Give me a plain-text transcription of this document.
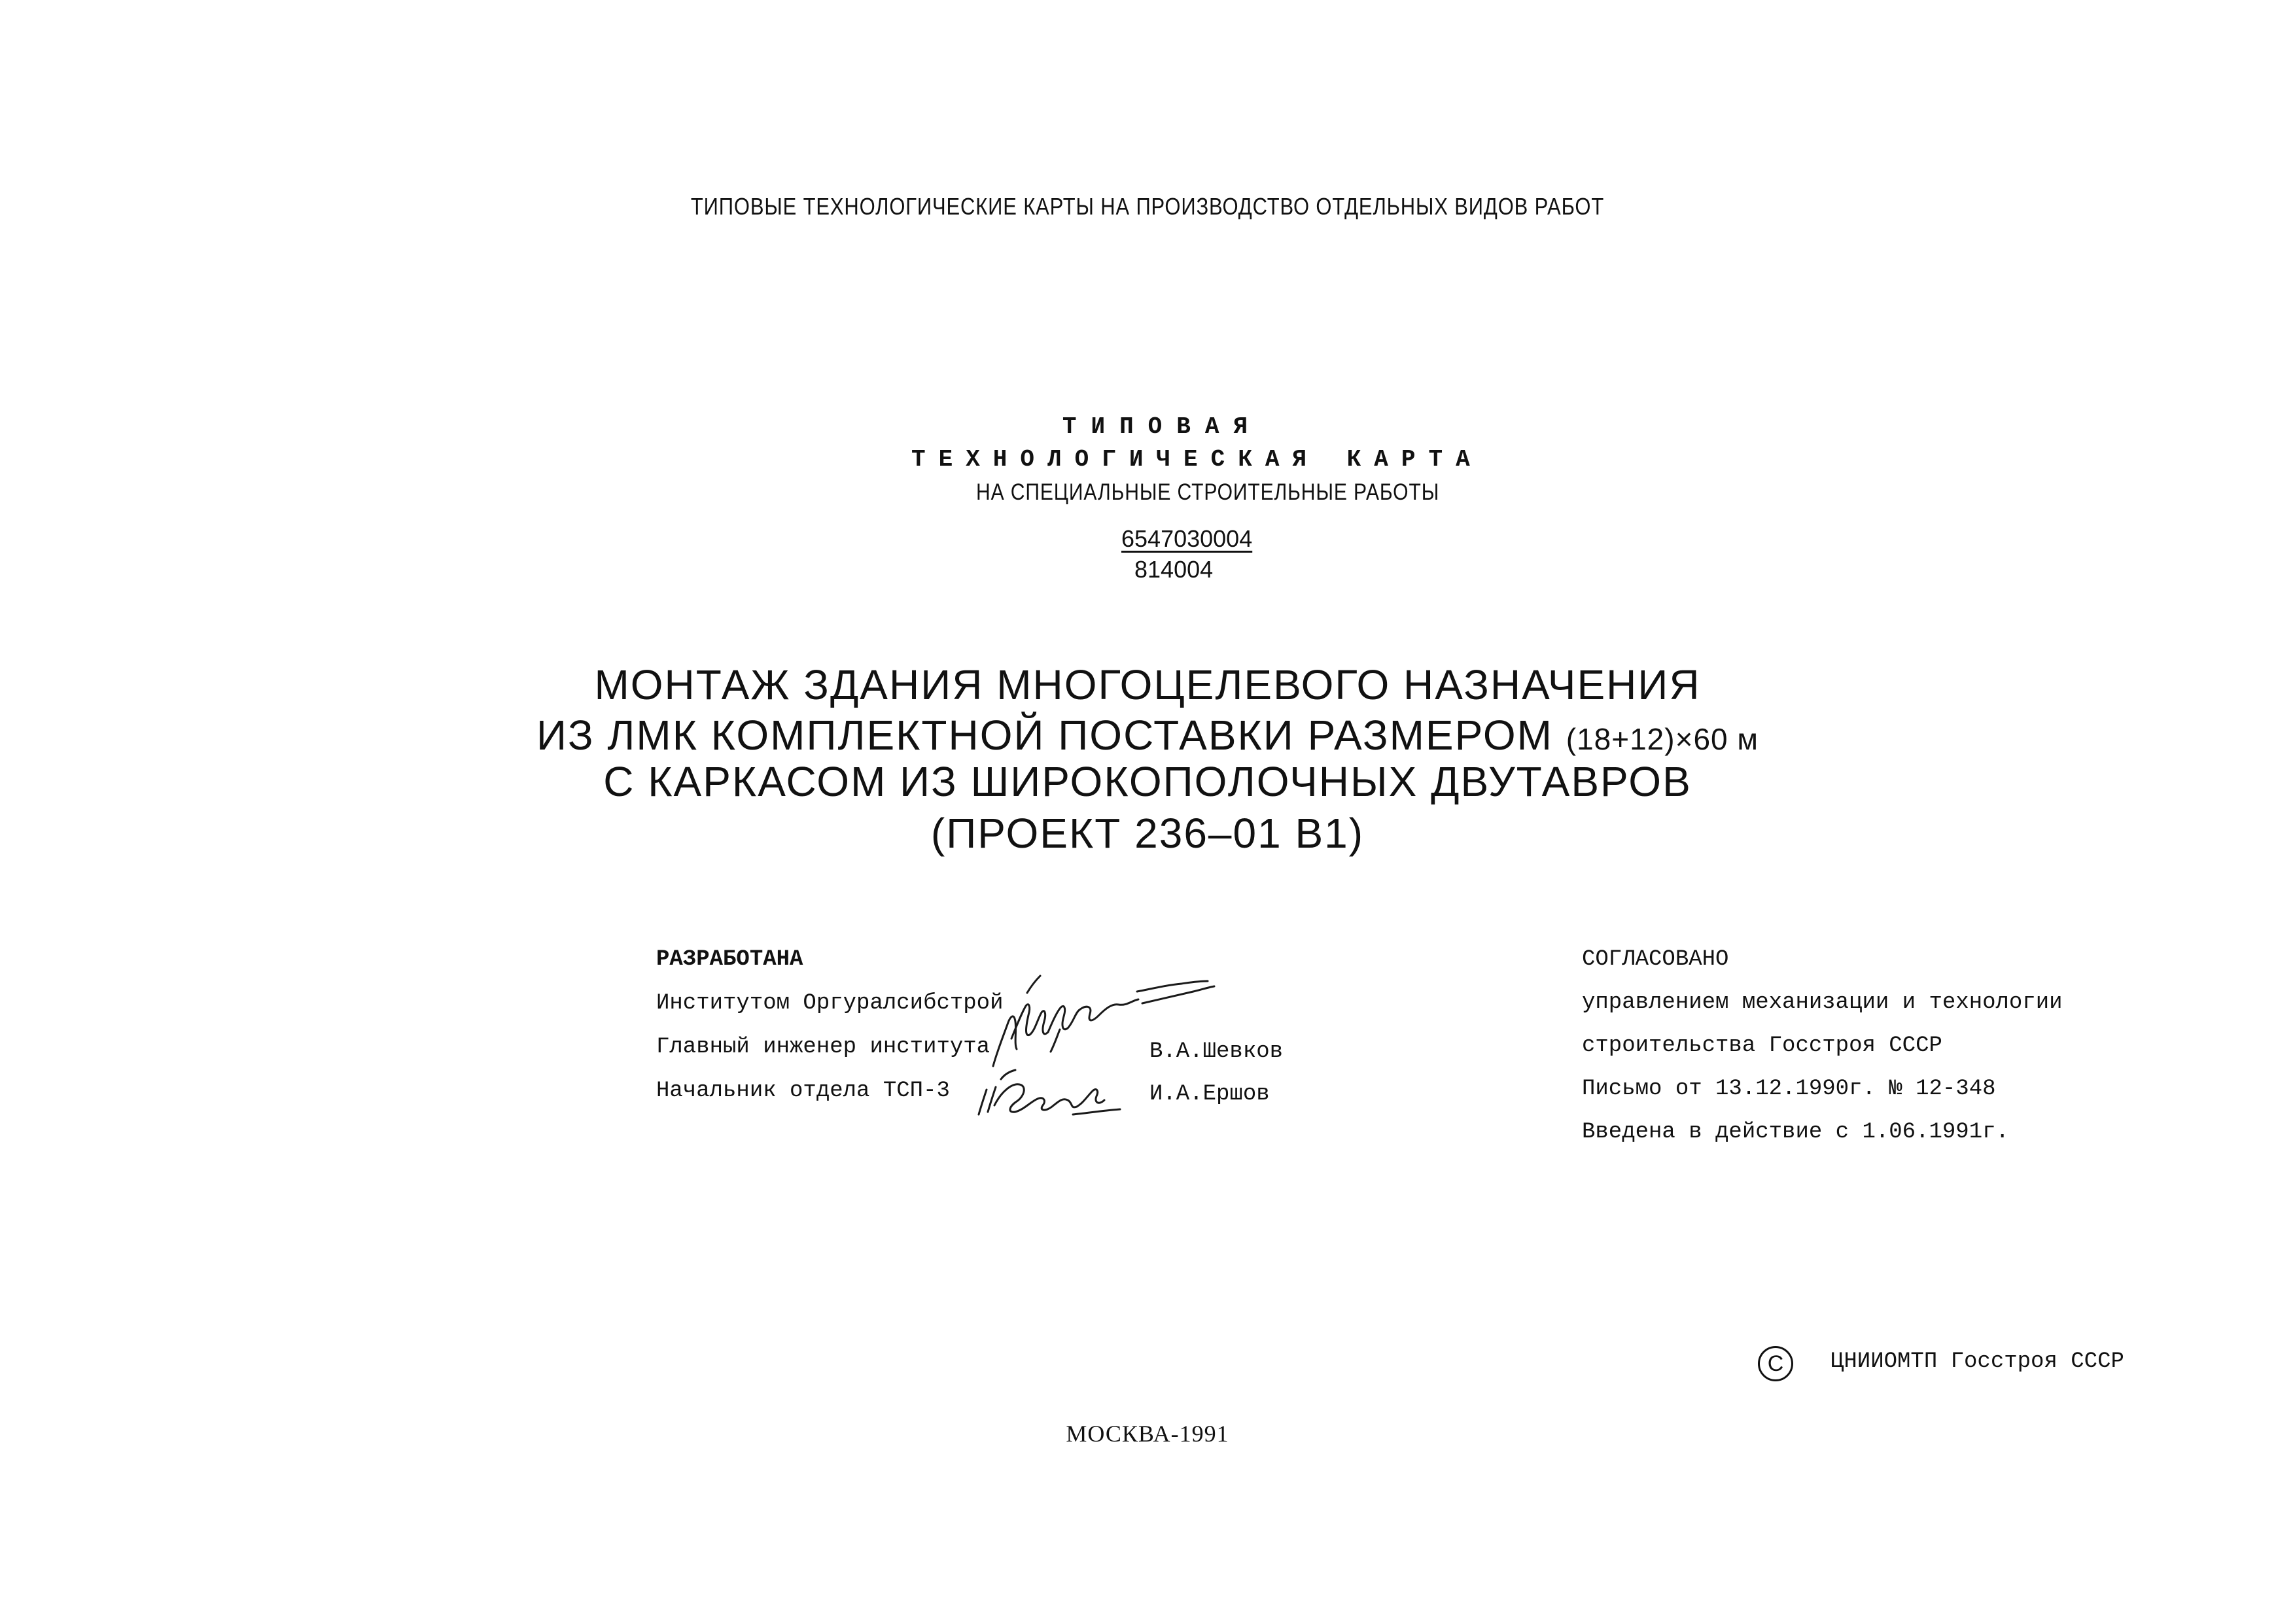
ТИПОВЫЕ ТЕХНОЛОГИЧЕСКИЕ КАРТЫ НА ПРОИЗВОДСТВО ОТДЕЛЬНЫХ ВИДОВ РАБОТ
ТИПОВАЯ
ТЕХНОЛОГИЧЕСКАЯ КАРТА
НА СПЕЦИАЛЬНЫЕ СТРОИТЕЛЬНЫЕ РАБОТЫ
6547030004
814004
МОНТАЖ ЗДАНИЯ МНОГОЦЕЛЕВОГО НАЗНАЧЕНИЯ
ИЗ ЛМК КОМПЛЕКТНОЙ ПОСТАВКИ РАЗМЕРОМ (18+12)×60 м
С КАРКАСОМ ИЗ ШИРОКОПОЛОЧНЫХ ДВУТАВРОВ
(ПРОЕКТ 236–01 В1)
РАЗРАБОТАНА
Институтом Оргуралсибстрой
Главный инженер института
Начальник отдела ТСП-3
В.А.Шевков
И.А.Ершов
СОГЛАСОВАНО
управлением механизации и технологии
строительства Госстроя СССР
Письмо от 13.12.1990г. № 12-348
Введена в действие с 1.06.1991г.
C	ЦНИИОМТП Госстроя СССР
МОСКВА-1991
